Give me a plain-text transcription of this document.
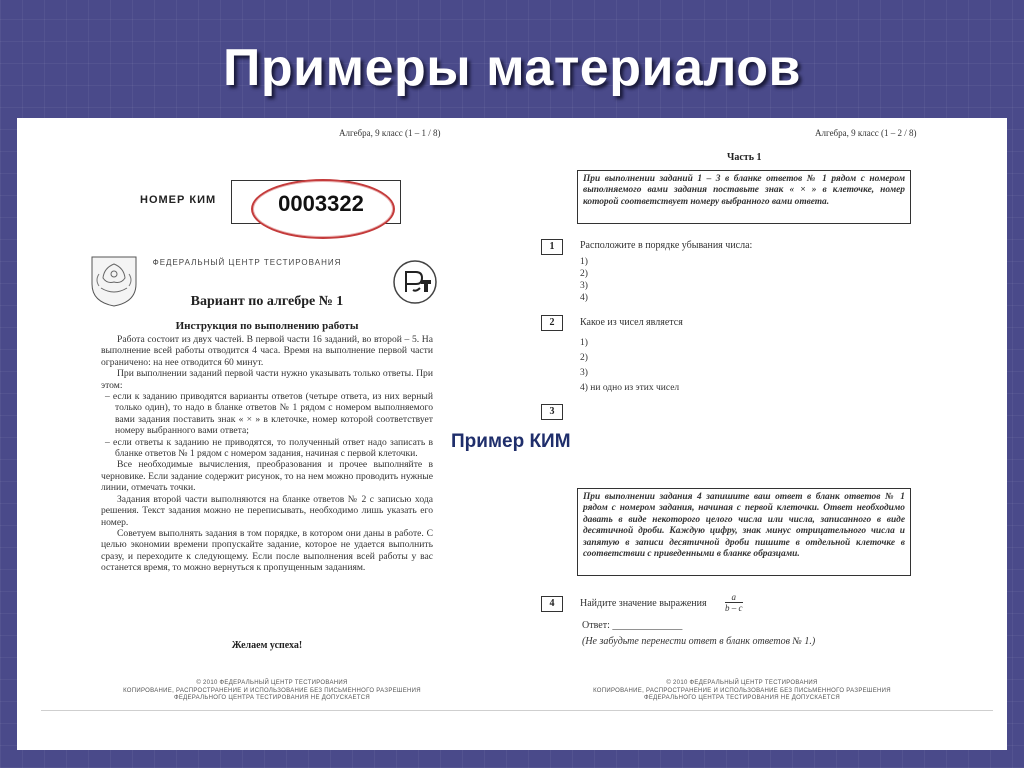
Примеры материалов
Алгебра, 9 класс (1 – 1 / 8)
НОМЕР КИМ	0003322
ФЕДЕРАЛЬНЫЙ ЦЕНТР ТЕСТИРОВАНИЯ
Вариант по алгебре № 1
Инструкция по выполнению работы

Работа состоит из двух частей. В первой части 16 заданий, во второй – 5. На выполнение всей работы отводится 4 часа. Время на выполнение первой части ограничено: на нее отводится 60 минут.

При выполнении заданий первой части нужно указывать только ответы. При этом:

– если к заданию приводятся варианты ответов (четыре ответа, из них верный только один), то надо в бланке ответов № 1 рядом с номером выполняемого вами задания поставить знак « × » в клеточке, номер которой соответствует номеру выбранного вами ответа;

– если ответы к заданию не приводятся, то полученный ответ надо записать в бланке ответов № 1 рядом с номером задания, начиная с первой клеточки.

Все необходимые вычисления, преобразования и прочее выполняйте в черновике. Если задание содержит рисунок, то на нем можно проводить нужные линии, отмечать точки.

Задания второй части выполняются на бланке ответов № 2 с записью хода решения. Текст задания можно не переписывать, необходимо лишь указать его номер.

Советуем выполнять задания в том порядке, в котором они даны в работе. С целью экономии времени пропускайте задание, которое не удается выполнить сразу, и переходите к следующему. Если после выполнения всей работы у вас останется время, то можно вернуться к пропущенным заданиям.

Желаем успеха!
© 2010 ФЕДЕРАЛЬНЫЙ ЦЕНТР ТЕСТИРОВАНИЯ
КОПИРОВАНИЕ, РАСПРОСТРАНЕНИЕ И ИСПОЛЬЗОВАНИЕ БЕЗ ПИСЬМЕННОГО РАЗРЕШЕНИЯ
ФЕДЕРАЛЬНОГО ЦЕНТРА ТЕСТИРОВАНИЯ НЕ ДОПУСКАЕТСЯ
Алгебра, 9 класс (1 – 2 / 8)
Часть 1
При выполнении заданий 1 – 3 в бланке ответов № 1 рядом с номером выполняемого вами задания поставьте знак « × » в клеточке, номер которой соответствует номеру выбранного вами ответа.
1	Расположите в порядке убывания числа:
1)
2)
3)
4)
2	Какое из чисел является
1)
2)
3)
4) ни одно из этих чисел
3
При выполнении задания 4 запишите ваш ответ в бланк ответов № 1 рядом с номером задания, начиная с первой клеточки. Ответ необходимо давать в виде некоторого целого числа или числа, записанного в виде десятичной дроби. Каждую цифру, знак минус отрицательного числа и запятую в записи десятичной дроби пишите в отдельной клеточке в соответствии с приведенными в бланке образцами.
4	Найдите значение выражения $\frac{a}{b - c}$
Ответ: ______________
(Не забудьте перенести ответ в бланк ответов № 1.)
© 2010 ФЕДЕРАЛЬНЫЙ ЦЕНТР ТЕСТИРОВАНИЯ
КОПИРОВАНИЕ, РАСПРОСТРАНЕНИЕ И ИСПОЛЬЗОВАНИЕ БЕЗ ПИСЬМЕННОГО РАЗРЕШЕНИЯ
ФЕДЕРАЛЬНОГО ЦЕНТРА ТЕСТИРОВАНИЯ НЕ ДОПУСКАЕТСЯ
Пример КИМ
